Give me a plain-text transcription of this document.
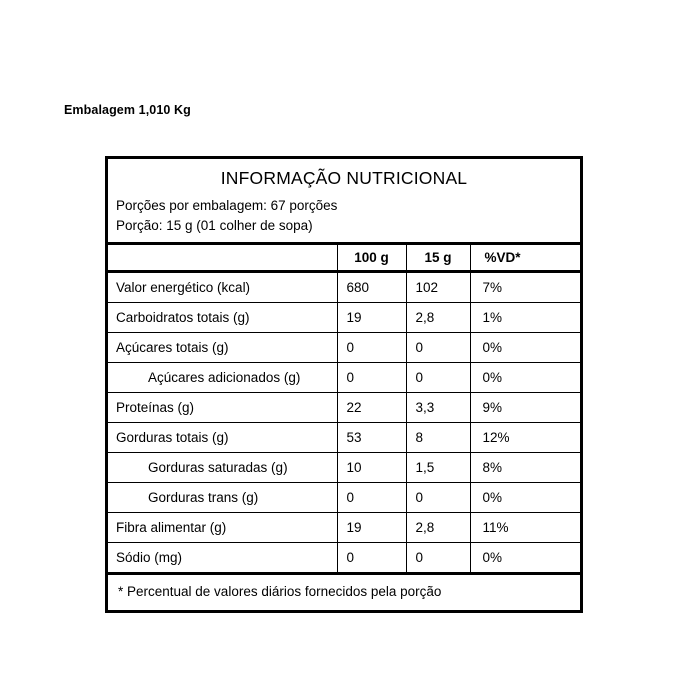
Embalagem 1,010 Kg
INFORMAÇÃO NUTRICIONAL
Porções por embalagem: 67 porções
Porção: 15 g (01 colher de sopa)
	100 g	15 g	%VD*
Valor energético (kcal)	680	102	7%
Carboidratos totais (g)	19	2,8	1%
Açúcares totais (g)	0	0	0%
Açúcares adicionados (g)	0	0	0%
Proteínas (g)	22	3,3	9%
Gorduras totais (g)	53	8	12%
Gorduras saturadas (g)	10	1,5	8%
Gorduras trans (g)	0	0	0%
Fibra alimentar (g)	19	2,8	11%
Sódio (mg)	0	0	0%
* Percentual de valores diários fornecidos pela porção
